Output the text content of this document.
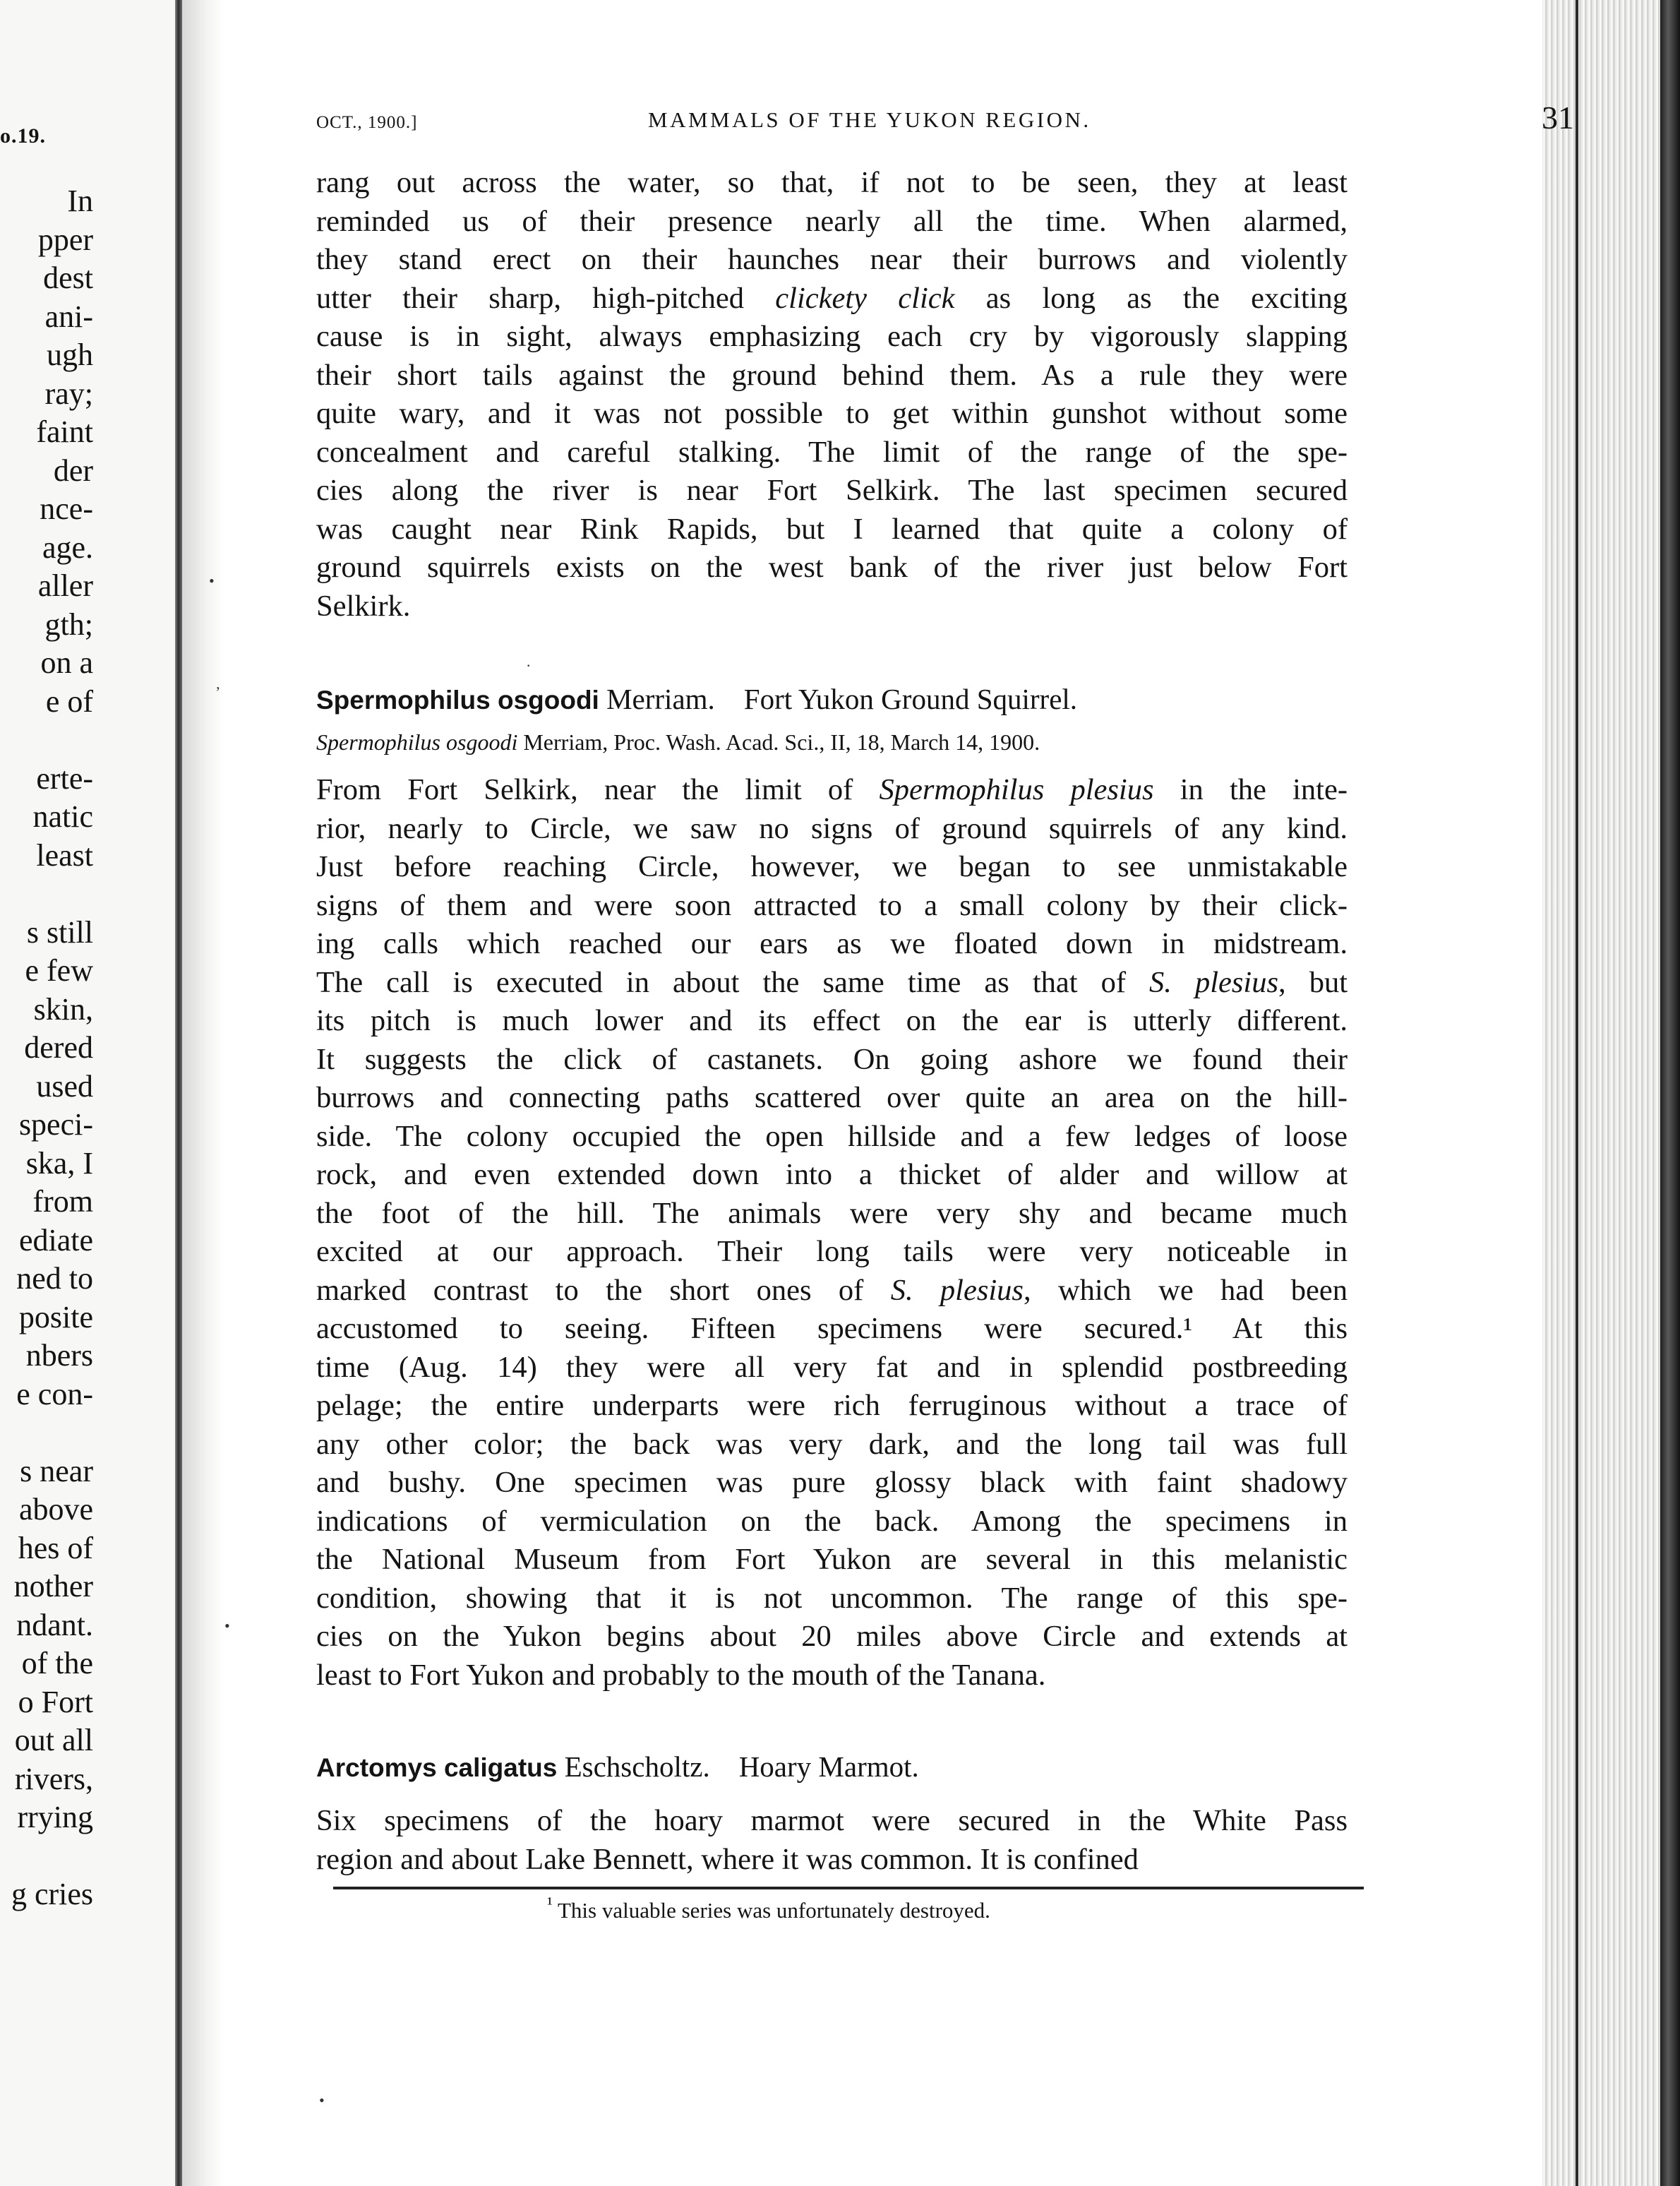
o.19.
In
pper
dest
ani-
ugh
ray;
faint
der
nce-
age.
aller
gth;
on a
e of
erte-
natic
least
s still
e few
skin,
dered
used
speci-
ska, I
from
ediate
ned to
posite
nbers
e con-
s near
above
hes of
nother
ndant.
of the
o Fort
out all
rivers,
rrying
g cries
•
ʼ
•
•
·
OCT., 1900.]	MAMMALS OF THE YUKON REGION.	31
rang out across the water, so that, if not to be seen, they at least
reminded us of their presence nearly all the time. When alarmed,
they stand erect on their haunches near their burrows and violently
utter their sharp, high-pitched clickety click as long as the exciting
cause is in sight, always emphasizing each cry by vigorously slapping
their short tails against the ground behind them. As a rule they were
quite wary, and it was not possible to get within gunshot without some
concealment and careful stalking. The limit of the range of the spe-
cies along the river is near Fort Selkirk. The last specimen secured
was caught near Rink Rapids, but I learned that quite a colony of
ground squirrels exists on the west bank of the river just below Fort
Selkirk.
Spermophilus osgoodi Merriam. Fort Yukon Ground Squirrel.
Spermophilus osgoodi Merriam, Proc. Wash. Acad. Sci., II, 18, March 14, 1900.
From Fort Selkirk, near the limit of Spermophilus plesius in the inte-
rior, nearly to Circle, we saw no signs of ground squirrels of any kind.
Just before reaching Circle, however, we began to see unmistakable
signs of them and were soon attracted to a small colony by their click-
ing calls which reached our ears as we floated down in midstream.
The call is executed in about the same time as that of S. plesius, but
its pitch is much lower and its effect on the ear is utterly different.
It suggests the click of castanets. On going ashore we found their
burrows and connecting paths scattered over quite an area on the hill-
side. The colony occupied the open hillside and a few ledges of loose
rock, and even extended down into a thicket of alder and willow at
the foot of the hill. The animals were very shy and became much
excited at our approach. Their long tails were very noticeable in
marked contrast to the short ones of S. plesius, which we had been
accustomed to seeing. Fifteen specimens were secured.¹ At this
time (Aug. 14) they were all very fat and in splendid postbreeding
pelage; the entire underparts were rich ferruginous without a trace of
any other color; the back was very dark, and the long tail was full
and bushy. One specimen was pure glossy black with faint shadowy
indications of vermiculation on the back. Among the specimens in
the National Museum from Fort Yukon are several in this melanistic
condition, showing that it is not uncommon. The range of this spe-
cies on the Yukon begins about 20 miles above Circle and extends at
least to Fort Yukon and probably to the mouth of the Tanana.
Arctomys caligatus Eschscholtz. Hoary Marmot.
Six specimens of the hoary marmot were secured in the White Pass
region and about Lake Bennett, where it was common. It is confined
$^{^1}$ This valuable series was unfortunately destroyed.
